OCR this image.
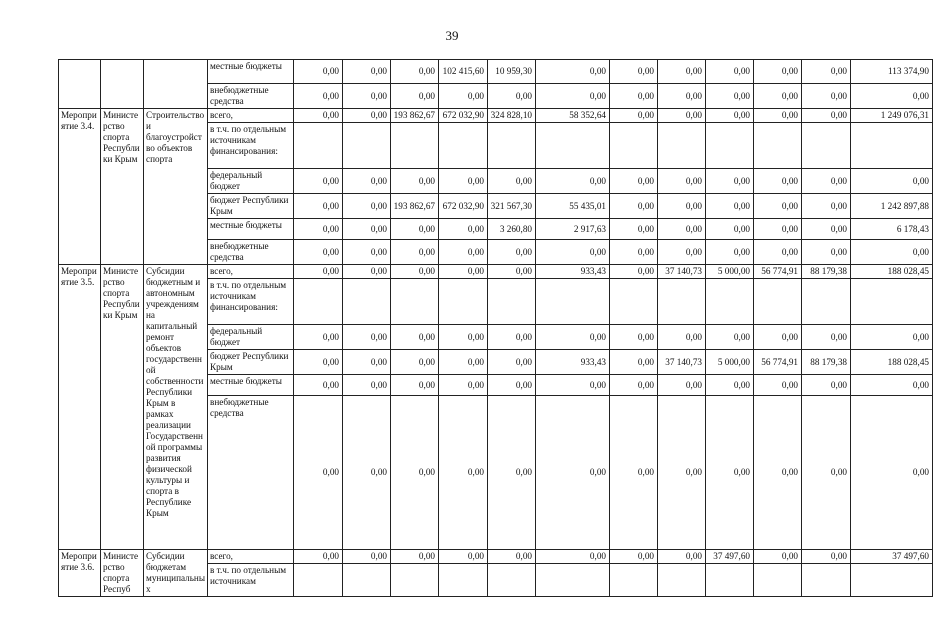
39
			местные бюджеты	0,00	0,00	0,00	102 415,60	10 959,30	0,00	0,00	0,00	0,00	0,00	0,00	113 374,90
			внебюджетные средства	0,00	0,00	0,00	0,00	0,00	0,00	0,00	0,00	0,00	0,00	0,00	0,00
Мероприятие 3.4.	Министерство спорта Республики Крым	Строительство и благоустройство объектов спорта	всего,	0,00	0,00	193 862,67	672 032,90	324 828,10	58 352,64	0,00	0,00	0,00	0,00	0,00	1 249 076,31
			в т.ч. по отдельным источникам финансирования:												
			федеральный бюджет	0,00	0,00	0,00	0,00	0,00	0,00	0,00	0,00	0,00	0,00	0,00	0,00
			бюджет Республики Крым	0,00	0,00	193 862,67	672 032,90	321 567,30	55 435,01	0,00	0,00	0,00	0,00	0,00	1 242 897,88
			местные бюджеты	0,00	0,00	0,00	0,00	3 260,80	2 917,63	0,00	0,00	0,00	0,00	0,00	6 178,43
			внебюджетные средства	0,00	0,00	0,00	0,00	0,00	0,00	0,00	0,00	0,00	0,00	0,00	0,00
Мероприятие 3.5.	Министерство спорта Республики Крым	Субсидии бюджетным и автономным учреждениям на капитальный ремонт объектов государственной собственности Республики Крым в рамках реализации Государственной программы развития физической культуры и спорта в Республике Крым	всего,	0,00	0,00	0,00	0,00	0,00	933,43	0,00	37 140,73	5 000,00	56 774,91	88 179,38	188 028,45
			в т.ч. по отдельным источникам финансирования:												
			федеральный бюджет	0,00	0,00	0,00	0,00	0,00	0,00	0,00	0,00	0,00	0,00	0,00	0,00
			бюджет Республики Крым	0,00	0,00	0,00	0,00	0,00	933,43	0,00	37 140,73	5 000,00	56 774,91	88 179,38	188 028,45
			местные бюджеты	0,00	0,00	0,00	0,00	0,00	0,00	0,00	0,00	0,00	0,00	0,00	0,00
			внебюджетные средства	0,00	0,00	0,00	0,00	0,00	0,00	0,00	0,00	0,00	0,00	0,00	0,00
Мероприятие 3.6.	Министерство спорта Респуб	Субсидии бюджетам муниципальных	всего,	0,00	0,00	0,00	0,00	0,00	0,00	0,00	0,00	37 497,60	0,00	0,00	37 497,60
			в т.ч. по отдельным источникам												
